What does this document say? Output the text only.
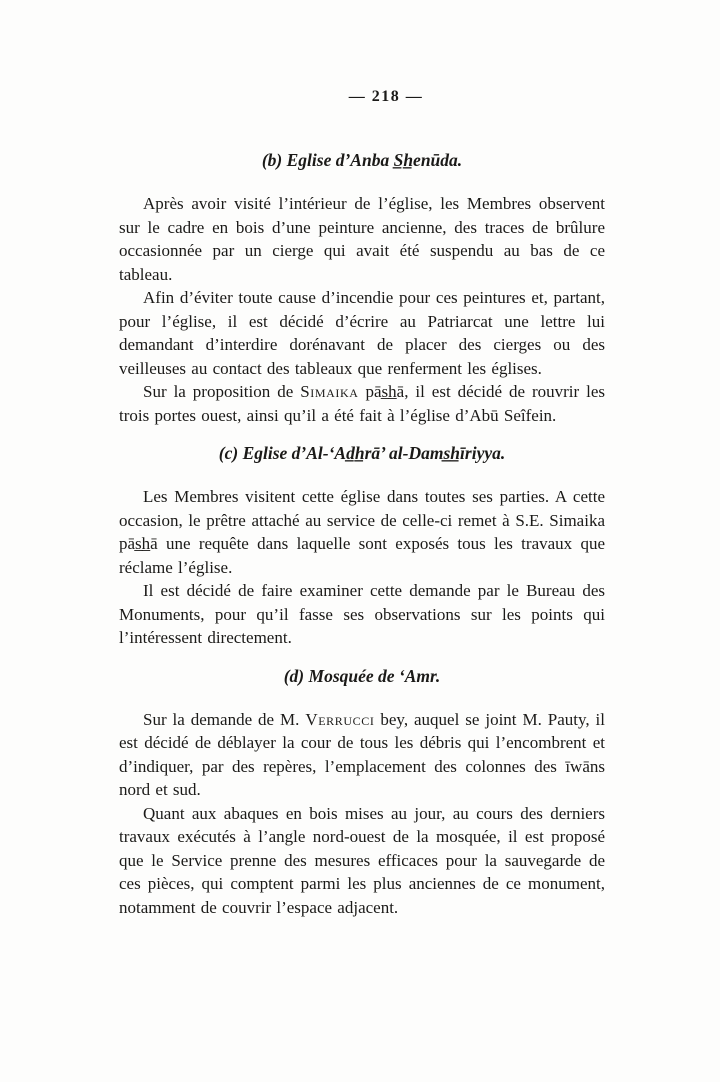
— 218 —
(b) Eglise d’Anba S̲h̲enūda.

Après avoir visité l’intérieur de l’église, les Membres observent sur le cadre en bois d’une peinture ancienne, des traces de brûlure occasionnée par un cierge qui avait été suspendu au bas de ce tableau.

Afin d’éviter toute cause d’incendie pour ces peintures et, partant, pour l’église, il est décidé d’écrire au Patriarcat une lettre lui demandant d’interdire dorénavant de placer des cierges ou des veilleuses au contact des tableaux que renferment les églises.

Sur la proposition de Simaika pās̲h̲ā, il est décidé de rouvrir les trois portes ouest, ainsi qu’il a été fait à l’église d’Abū Seîfein.

(c) Eglise d’Al-‘Ad̲h̲rā’ al-Dams̲h̲īriyya.

Les Membres visitent cette église dans toutes ses parties. A cette occasion, le prêtre attaché au service de celle-ci remet à S.E. Simaika pās̲h̲ā une requête dans laquelle sont exposés tous les travaux que réclame l’église.

Il est décidé de faire examiner cette demande par le Bureau des Monuments, pour qu’il fasse ses observations sur les points qui l’intéressent directement.

(d) Mosquée de ‘Amr.

Sur la demande de M. Verrucci bey, auquel se joint M. Pauty, il est décidé de déblayer la cour de tous les débris qui l’encombrent et d’indiquer, par des repères, l’emplacement des colonnes des īwāns nord et sud.

Quant aux abaques en bois mises au jour, au cours des derniers travaux exécutés à l’angle nord-ouest de la mosquée, il est proposé que le Service prenne des mesures efficaces pour la sauvegarde de ces pièces, qui comptent parmi les plus anciennes de ce monument, notamment de couvrir l’espace adjacent.
